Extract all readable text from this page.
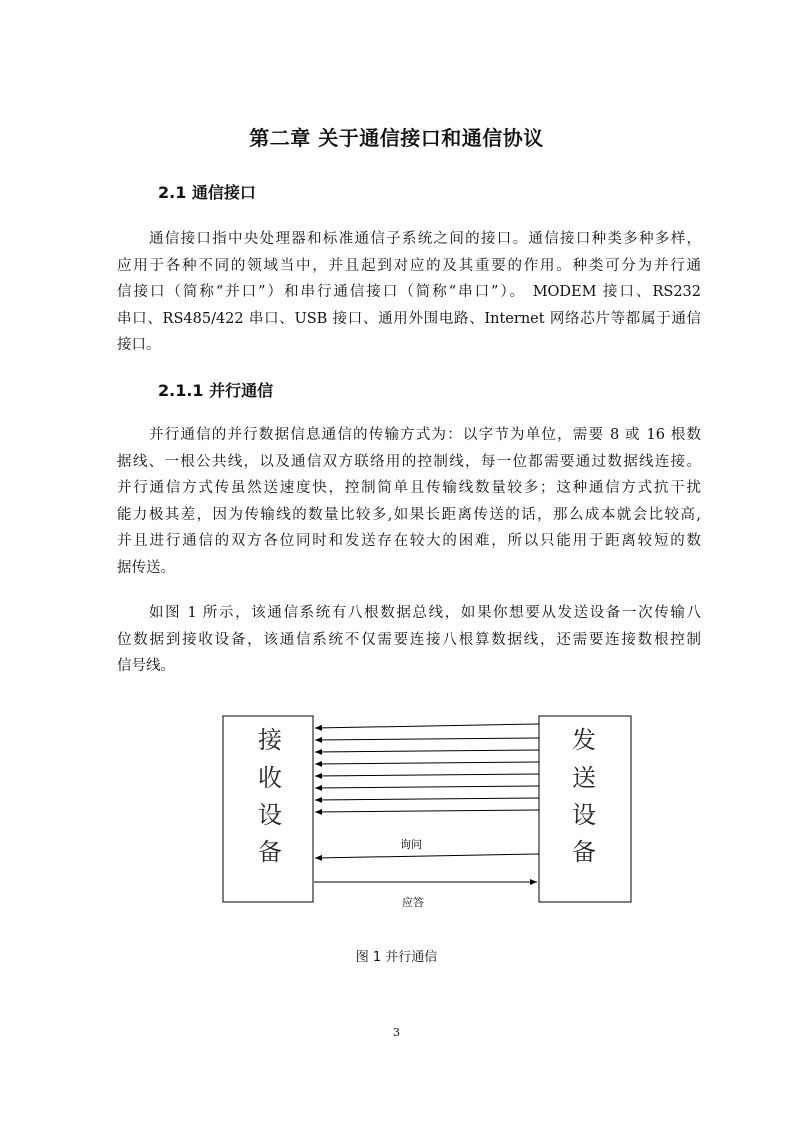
第二章 关于通信接口和通信协议
2.1 通信接口
通信接口指中央处理器和标准通信子系统之间的接口。通信接口种类多种多样，
应用于各种不同的领域当中，并且起到对应的及其重要的作用。种类可分为并行通
信接口（简称“并口”）和串行通信接口（简称“串口”）。 MODEM 接口、RS232
串口、RS485/422 串口、USB 接口、通用外围电路、Internet 网络芯片等都属于通信
接口。
2.1.1 并行通信
并行通信的并行数据信息通信的传输方式为：以字节为单位，需要 8 或 16 根数
据线、一根公共线，以及通信双方联络用的控制线，每一位都需要通过数据线连接。
并行通信方式传虽然送速度快，控制简单且传输线数量较多；这种通信方式抗干扰
能力极其差，因为传输线的数量比较多,如果长距离传送的话，那么成本就会比较高,
并且进行通信的双方各位同时和发送存在较大的困难，所以只能用于距离较短的数
据传送。
如图 1 所示，该通信系统有八根数据总线，如果你想要从发送设备一次传输八
位数据到接收设备，该通信系统不仅需要连接八根算数据线，还需要连接数根控制
信号线。
接
收
设
备
发
送
设
备
询问
应答
图 1 并行通信
3
